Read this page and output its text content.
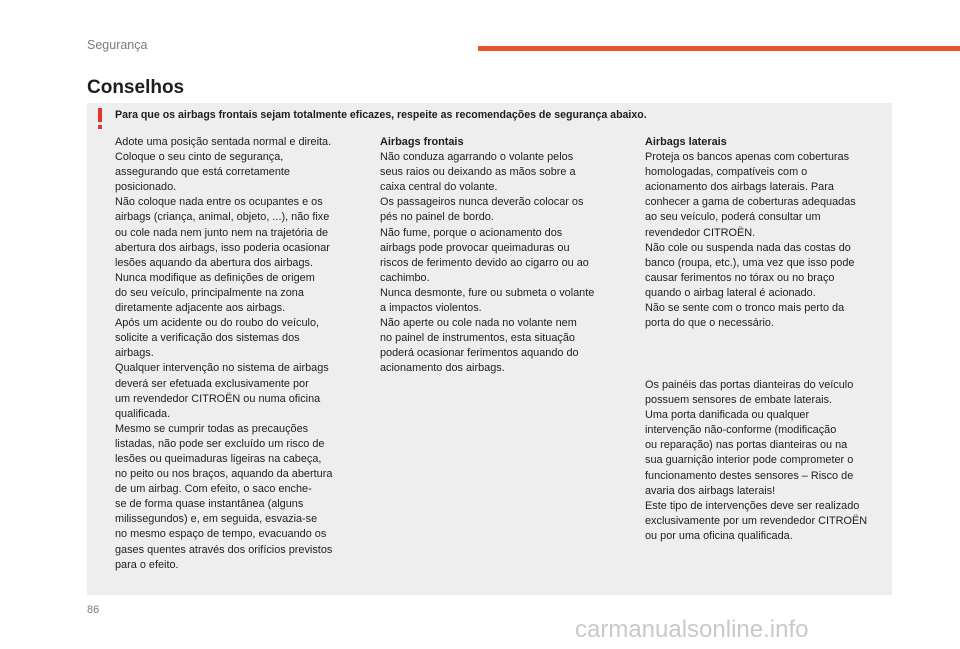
Segurança
Conselhos
Para que os airbags frontais sejam totalmente eficazes, respeite as recomendações de segurança abaixo.

Adote uma posição sentada normal e direita.

Coloque o seu cinto de segurança,

assegurando que está corretamente

posicionado.

Não coloque nada entre os ocupantes e os

airbags (criança, animal, objeto, ...), não fixe

ou cole nada nem junto nem na trajetória de

abertura dos airbags, isso poderia ocasionar

lesões aquando da abertura dos airbags.

Nunca modifique as definições de origem

do seu veículo, principalmente na zona

diretamente adjacente aos airbags.

Após um acidente ou do roubo do veículo,

solicite a verificação dos sistemas dos

airbags.

Qualquer intervenção no sistema de airbags

deverá ser efetuada exclusivamente por

um revendedor CITROËN ou numa oficina

qualificada.

Mesmo se cumprir todas as precauções

listadas, não pode ser excluído um risco de

lesões ou queimaduras ligeiras na cabeça,

no peito ou nos braços, aquando da abertura

de um airbag. Com efeito, o saco enche-

se de forma quase instantânea (alguns

milissegundos) e, em seguida, esvazia-se

no mesmo espaço de tempo, evacuando os

gases quentes através dos orifícios previstos

para o efeito.

Airbags frontais

Não conduza agarrando o volante pelos

seus raios ou deixando as mãos sobre a

caixa central do volante.

Os passageiros nunca deverão colocar os

pés no painel de bordo.

Não fume, porque o acionamento dos

airbags pode provocar queimaduras ou

riscos de ferimento devido ao cigarro ou ao

cachimbo.

Nunca desmonte, fure ou submeta o volante

a impactos violentos.

Não aperte ou cole nada no volante nem

no painel de instrumentos, esta situação

poderá ocasionar ferimentos aquando do

acionamento dos airbags.

Airbags laterais

Proteja os bancos apenas com coberturas

homologadas, compatíveis com o

acionamento dos airbags laterais. Para

conhecer a gama de coberturas adequadas

ao seu veículo, poderá consultar um

revendedor CITROËN.

Não cole ou suspenda nada das costas do

banco (roupa, etc.), uma vez que isso pode

causar ferimentos no tórax ou no braço

quando o airbag lateral é acionado.

Não se sente com o tronco mais perto da

porta do que o necessário.

Os painéis das portas dianteiras do veículo

possuem sensores de embate laterais.

Uma porta danificada ou qualquer

intervenção não-conforme (modificação

ou reparação) nas portas dianteiras ou na

sua guarnição interior pode comprometer o

funcionamento destes sensores – Risco de

avaria dos airbags laterais!

Este tipo de intervenções deve ser realizado

exclusivamente por um revendedor CITROËN

ou por uma oficina qualificada.

86
carmanualsonline.info
